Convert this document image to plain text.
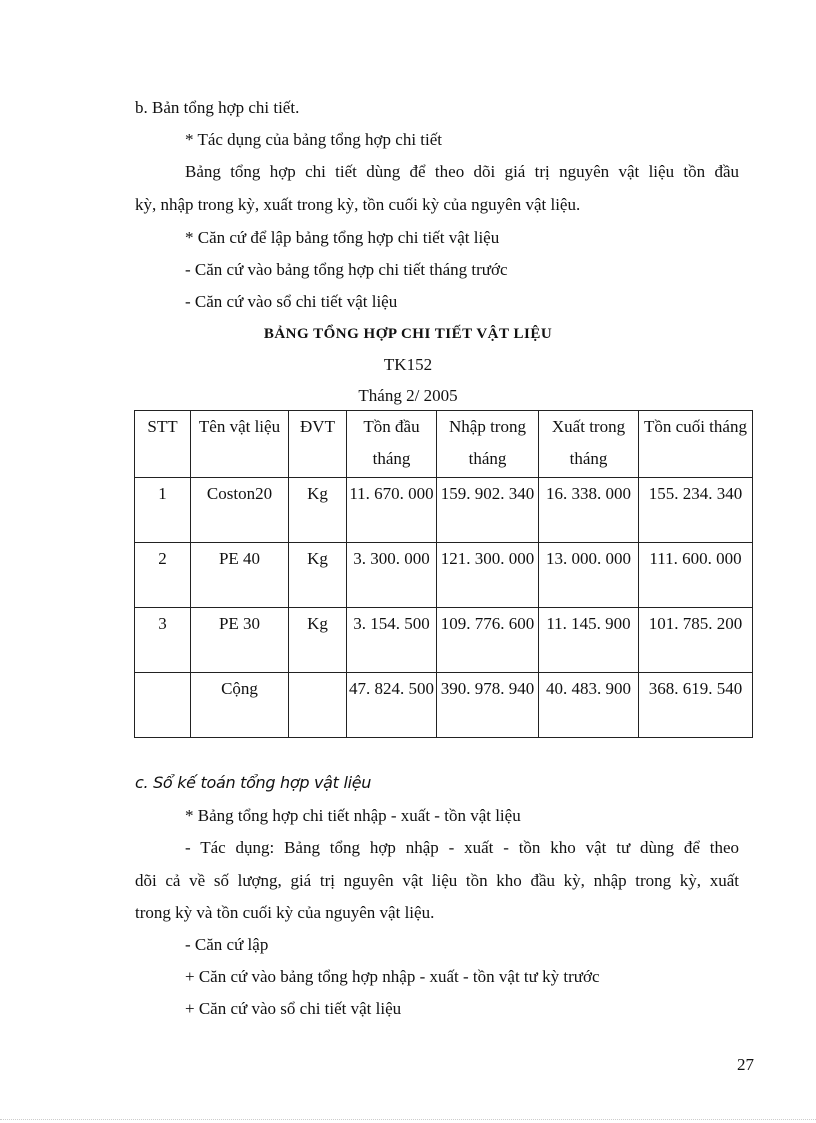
b. Bản tổng hợp chi tiết.
* Tác dụng của bảng tổng hợp chi tiết
Bảng tổng hợp chi tiết dùng để theo dõi giá trị nguyên vật liệu tồn đầu
kỳ, nhập trong kỳ, xuất trong kỳ, tồn cuối kỳ của nguyên vật liệu.
* Căn cứ để lập bảng tổng hợp chi tiết vật liệu
- Căn cứ vào bảng tổng hợp chi tiết tháng trước
- Căn cứ vào sổ chi tiết vật liệu
BẢNG TỔNG HỢP CHI TIẾT VẬT LIỆU
TK152
Tháng 2/ 2005
STT	Tên vật liệu	ĐVT	Tồn đầu tháng	Nhập trong tháng	Xuất trong tháng	Tồn cuối tháng
1	Coston20	Kg	11. 670. 000	159. 902. 340	16. 338. 000	155. 234. 340
2	PE 40	Kg	3. 300. 000	121. 300. 000	13. 000. 000	111. 600. 000
3	PE 30	Kg	3. 154. 500	109. 776. 600	11. 145. 900	101. 785. 200
	Cộng		47. 824. 500	390. 978. 940	40. 483. 900	368. 619. 540
c. Sổ kế toán tổng hợp vật liệu
* Bảng tổng hợp chi tiết nhập - xuất - tồn vật liệu
- Tác dụng: Bảng tổng hợp nhập - xuất - tồn kho vật tư dùng để theo
dõi cả về số lượng, giá trị nguyên vật liệu tồn kho đầu kỳ, nhập trong kỳ, xuất
trong kỳ và tồn cuối kỳ của nguyên vật liệu.
- Căn cứ lập
+ Căn cứ vào bảng tổng hợp nhập - xuất - tồn vật tư kỳ trước
+ Căn cứ vào sổ chi tiết vật liệu
27
